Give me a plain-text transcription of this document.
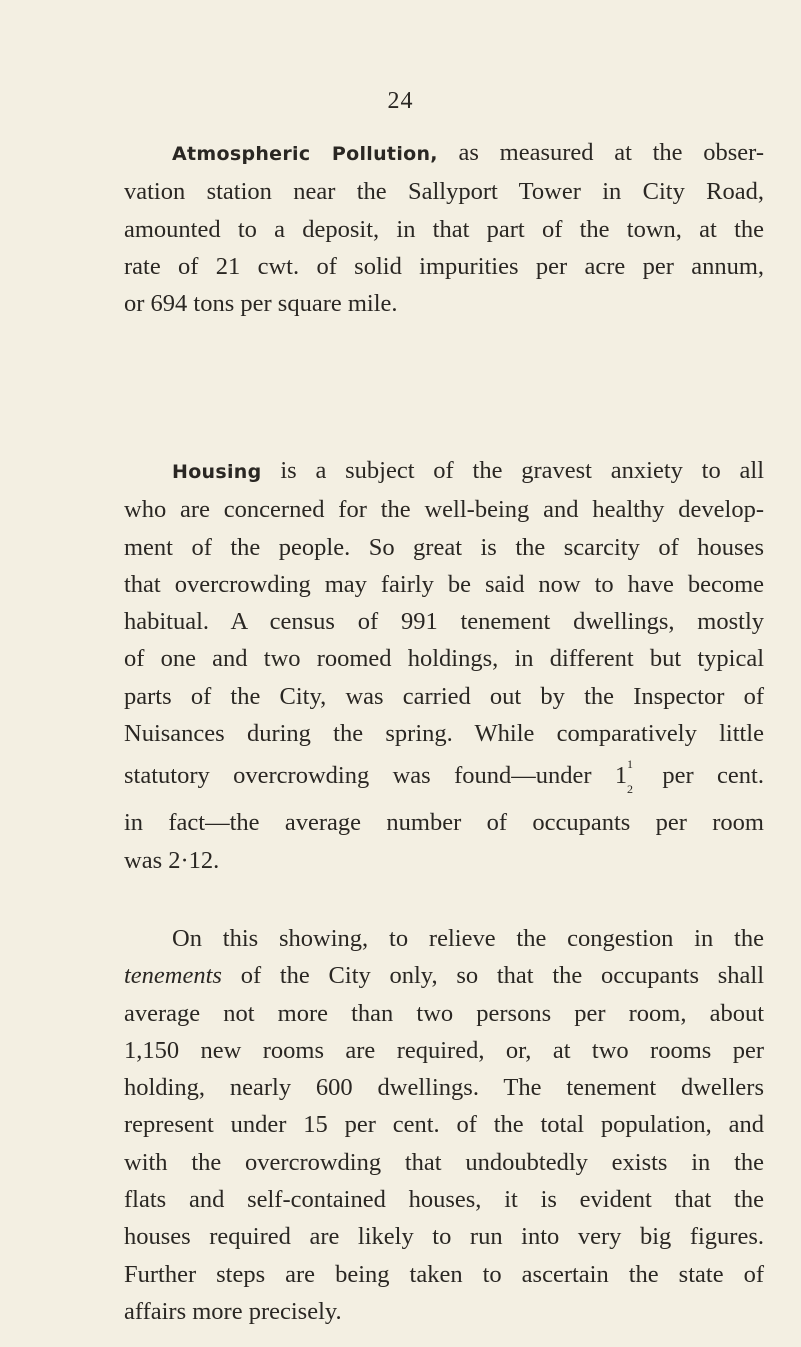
24

Atmospheric Pollution, as measured at the obser-
vation station near the Sallyport Tower in City Road,
amounted to a deposit, in that part of the town, at the
rate of 21 cwt. of solid impurities per acre per annum,
or 694 tons per square mile.

Housing is a subject of the gravest anxiety to all
who are concerned for the well-being and healthy develop-
ment of the people. So great is the scarcity of houses
that overcrowding may fairly be said now to have become
habitual. A census of 991 tenement dwellings, mostly
of one and two roomed holdings, in different but typical
parts of the City, was carried out by the Inspector of
Nuisances during the spring. While comparatively little
statutory overcrowding was found—under $1^1_2$ per cent.
in fact—the average number of occupants per room
was 2·12.

On this showing, to relieve the congestion in the
tenements of the City only, so that the occupants shall
average not more than two persons per room, about
1,150 new rooms are required, or, at two rooms per
holding, nearly 600 dwellings. The tenement dwellers
represent under 15 per cent. of the total population, and
with the overcrowding that undoubtedly exists in the
flats and self-contained houses, it is evident that the
houses required are likely to run into very big figures.
Further steps are being taken to ascertain the state of
affairs more precisely.
